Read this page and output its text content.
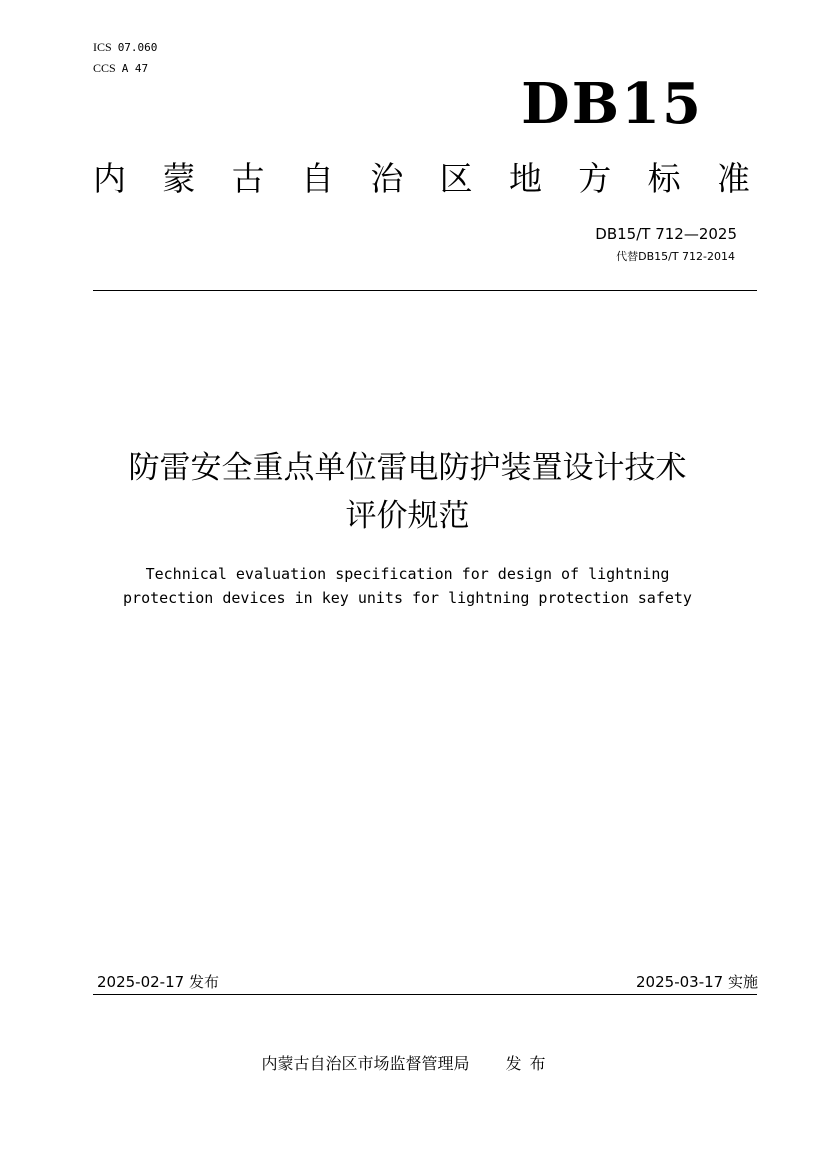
ICS 07.060
CCS A 47
DB15
内 蒙 古 自 治 区 地 方 标 准
DB15/T 712—2025
代替DB15/T 712-2014
防雷安全重点单位雷电防护装置设计技术
评价规范
Technical evaluation specification for design of lightning
protection devices in key units for lightning protection safety
2025-02-17 发布	2025-03-17 实施
内蒙古自治区市场监督管理局 发布
